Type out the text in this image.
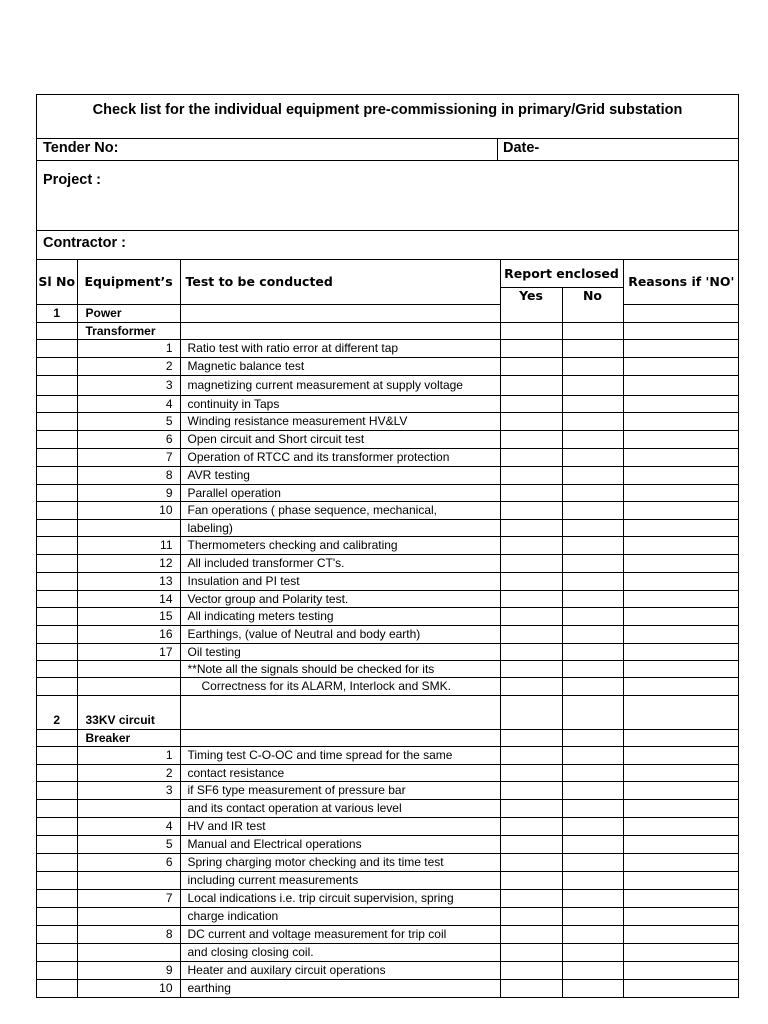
Check list for the individual equipment pre-commissioning in primary/Grid substation
Tender No:	Date-
Project :
Contractor :
Sl No	Equipment’s	Test to be conducted	Report enclosed		Reasons if 'NO'
			Yes	No	
1	Power				
	Transformer				
	1	Ratio test with ratio error at different tap			
	2	Magnetic balance test			
	3	magnetizing current measurement at supply voltage			
	4	continuity in Taps			
	5	Winding resistance measurement HV&LV			
	6	Open circuit and Short circuit test			
	7	Operation of RTCC and its transformer protection			
	8	AVR testing			
	9	Parallel operation			
	10	Fan operations ( phase sequence, mechanical,			
		labeling)			
	11	Thermometers checking and calibrating			
	12	All included transformer CT's.			
	13	Insulation and PI test			
	14	Vector group and Polarity test.			
	15	All indicating meters testing			
	16	Earthings, (value of Neutral and body earth)			
	17	Oil testing			
		**Note all the signals should be checked for its			
		Correctness for its ALARM, Interlock and SMK.			

2	33KV circuit				
	Breaker				
	1	Timing test C-O-OC and time spread for the same			
	2	contact resistance			
	3	if SF6 type measurement of pressure bar			
		and its contact operation at various level			
	4	HV and IR test			
	5	Manual and Electrical operations			
	6	Spring charging motor checking and its time test			
		including current measurements			
	7	Local indications i.e. trip circuit supervision, spring			
		charge indication			
	8	DC current and voltage measurement for trip coil			
		and closing closing coil.			
	9	Heater and auxilary circuit operations			
	10	earthing			
